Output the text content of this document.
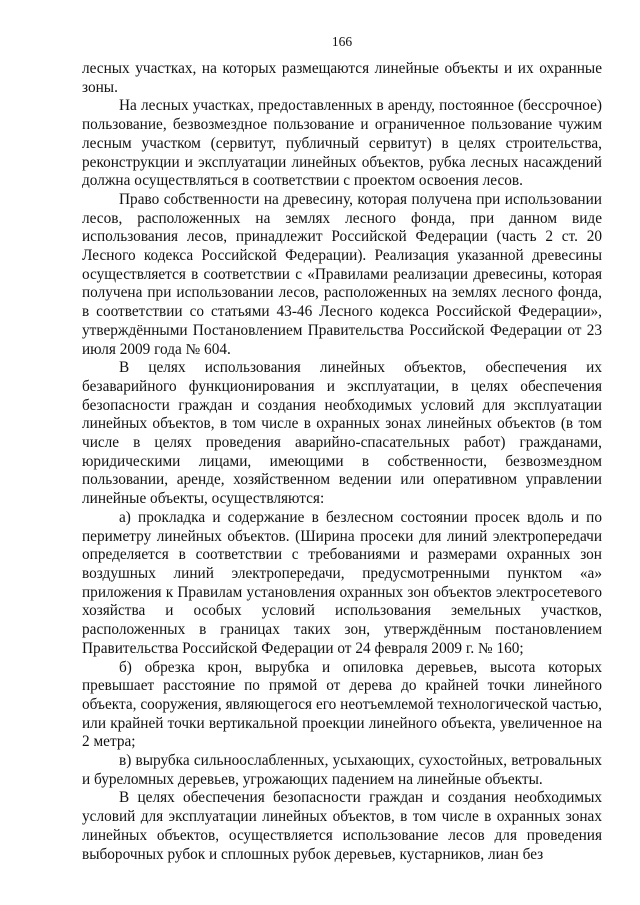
166

лесных участках, на которых размещаются линейные объекты и их охранные зоны.

На лесных участках, предоставленных в аренду, постоянное (бессрочное) пользование, безвозмездное пользование и ограниченное пользование чужим лесным участком (сервитут, публичный сервитут) в целях строительства, реконструкции и эксплуатации линейных объектов, рубка лесных насаждений должна осуществляться в соответствии с проектом освоения лесов.

Право собственности на древесину, которая получена при использовании лесов, расположенных на землях лесного фонда, при данном виде использования лесов, принадлежит Российской Федерации (часть 2 ст. 20 Лесного кодекса Российской Федерации). Реализация указанной древесины осуществляется в соответствии с «Правилами реализации древесины, которая получена при использовании лесов, расположенных на землях лесного фонда, в соответствии со статьями 43-46 Лесного кодекса Российской Федерации», утверждёнными Постановлением Правительства Российской Федерации от 23 июля 2009 года № 604.

В целях использования линейных объектов, обеспечения их безаварийного функционирования и эксплуатации, в целях обеспечения безопасности граждан и создания необходимых условий для эксплуатации линейных объектов, в том числе в охранных зонах линейных объектов (в том числе в целях проведения аварийно-спасательных работ) гражданами, юридическими лицами, имеющими в собственности, безвозмездном пользовании, аренде, хозяйственном ведении или оперативном управлении линейные объекты, осуществляются:

а) прокладка и содержание в безлесном состоянии просек вдоль и по периметру линейных объектов. (Ширина просеки для линий электропередачи определяется в соответствии с требованиями и размерами охранных зон воздушных линий электропередачи, предусмотренными пунктом «а» приложения к Правилам установления охранных зон объектов электросетевого хозяйства и особых условий использования земельных участков, расположенных в границах таких зон, утверждённым постановлением Правительства Российской Федерации от 24 февраля 2009 г. № 160;

б) обрезка крон, вырубка и опиловка деревьев, высота которых превышает расстояние по прямой от дерева до крайней точки линейного объекта, сооружения, являющегося его неотъемлемой технологической частью, или крайней точки вертикальной проекции линейного объекта, увеличенное на 2 метра;

в) вырубка сильноослабленных, усыхающих, сухостойных, ветровальных и буреломных деревьев, угрожающих падением на линейные объекты.

В целях обеспечения безопасности граждан и создания необходимых условий для эксплуатации линейных объектов, в том числе в охранных зонах линейных объектов, осуществляется использование лесов для проведения выборочных рубок и сплошных рубок деревьев, кустарников, лиан без
